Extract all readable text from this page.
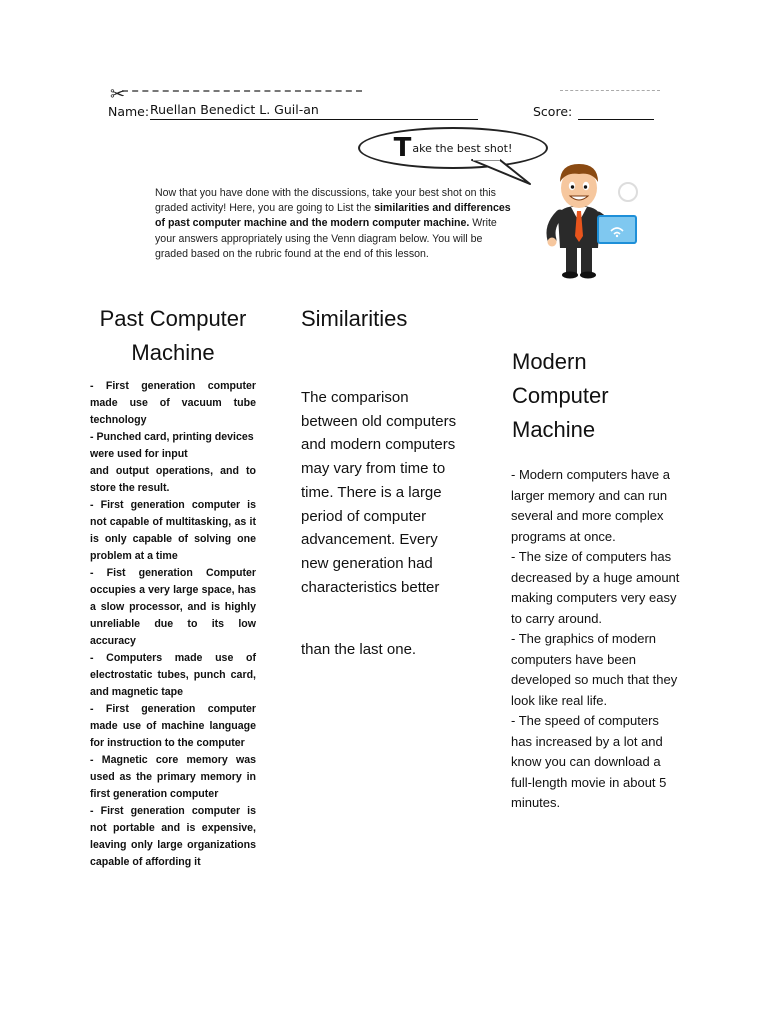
✂
Name: Ruellan Benedict L. Guil-an	Score:
Take the best shot!
Now that you have done with the discussions, take your best shot on this graded activity! Here, you are going to List the similarities and differences of past computer machine and the modern computer machine. Write your answers appropriately using the Venn diagram below. You will be graded based on the rubric found at the end of this lesson.
Past Computer Machine

- First generation computer made use of vacuum tube technology

- Punched card, printing devices were used for input

and output operations, and to store the result.

- First generation computer is not capable of multitasking, as it is only capable of solving one problem at a time

- Fist generation Computer occupies a very large space, has a slow processor, and is highly unreliable due to its low accuracy

- Computers made use of electrostatic tubes, punch card, and magnetic tape

- First generation computer made use of machine language for instruction to the computer

- Magnetic core memory was used as the primary memory in first generation computer

- First generation computer is not portable and is expensive, leaving only large organizations capable of affording it

Similarities

The comparison between old computers and modern computers may vary from time to time. There is a large period of computer advancement. Every new generation had characteristics better

than the last one.

Modern Computer Machine

- Modern computers have a larger memory and can run several and more complex programs at once.

- The size of computers has decreased by a huge amount making computers very easy to carry around.

- The graphics of modern computers have been developed so much that they look like real life.

- The speed of computers has increased by a lot and know you can download a full-length movie in about 5 minutes.
